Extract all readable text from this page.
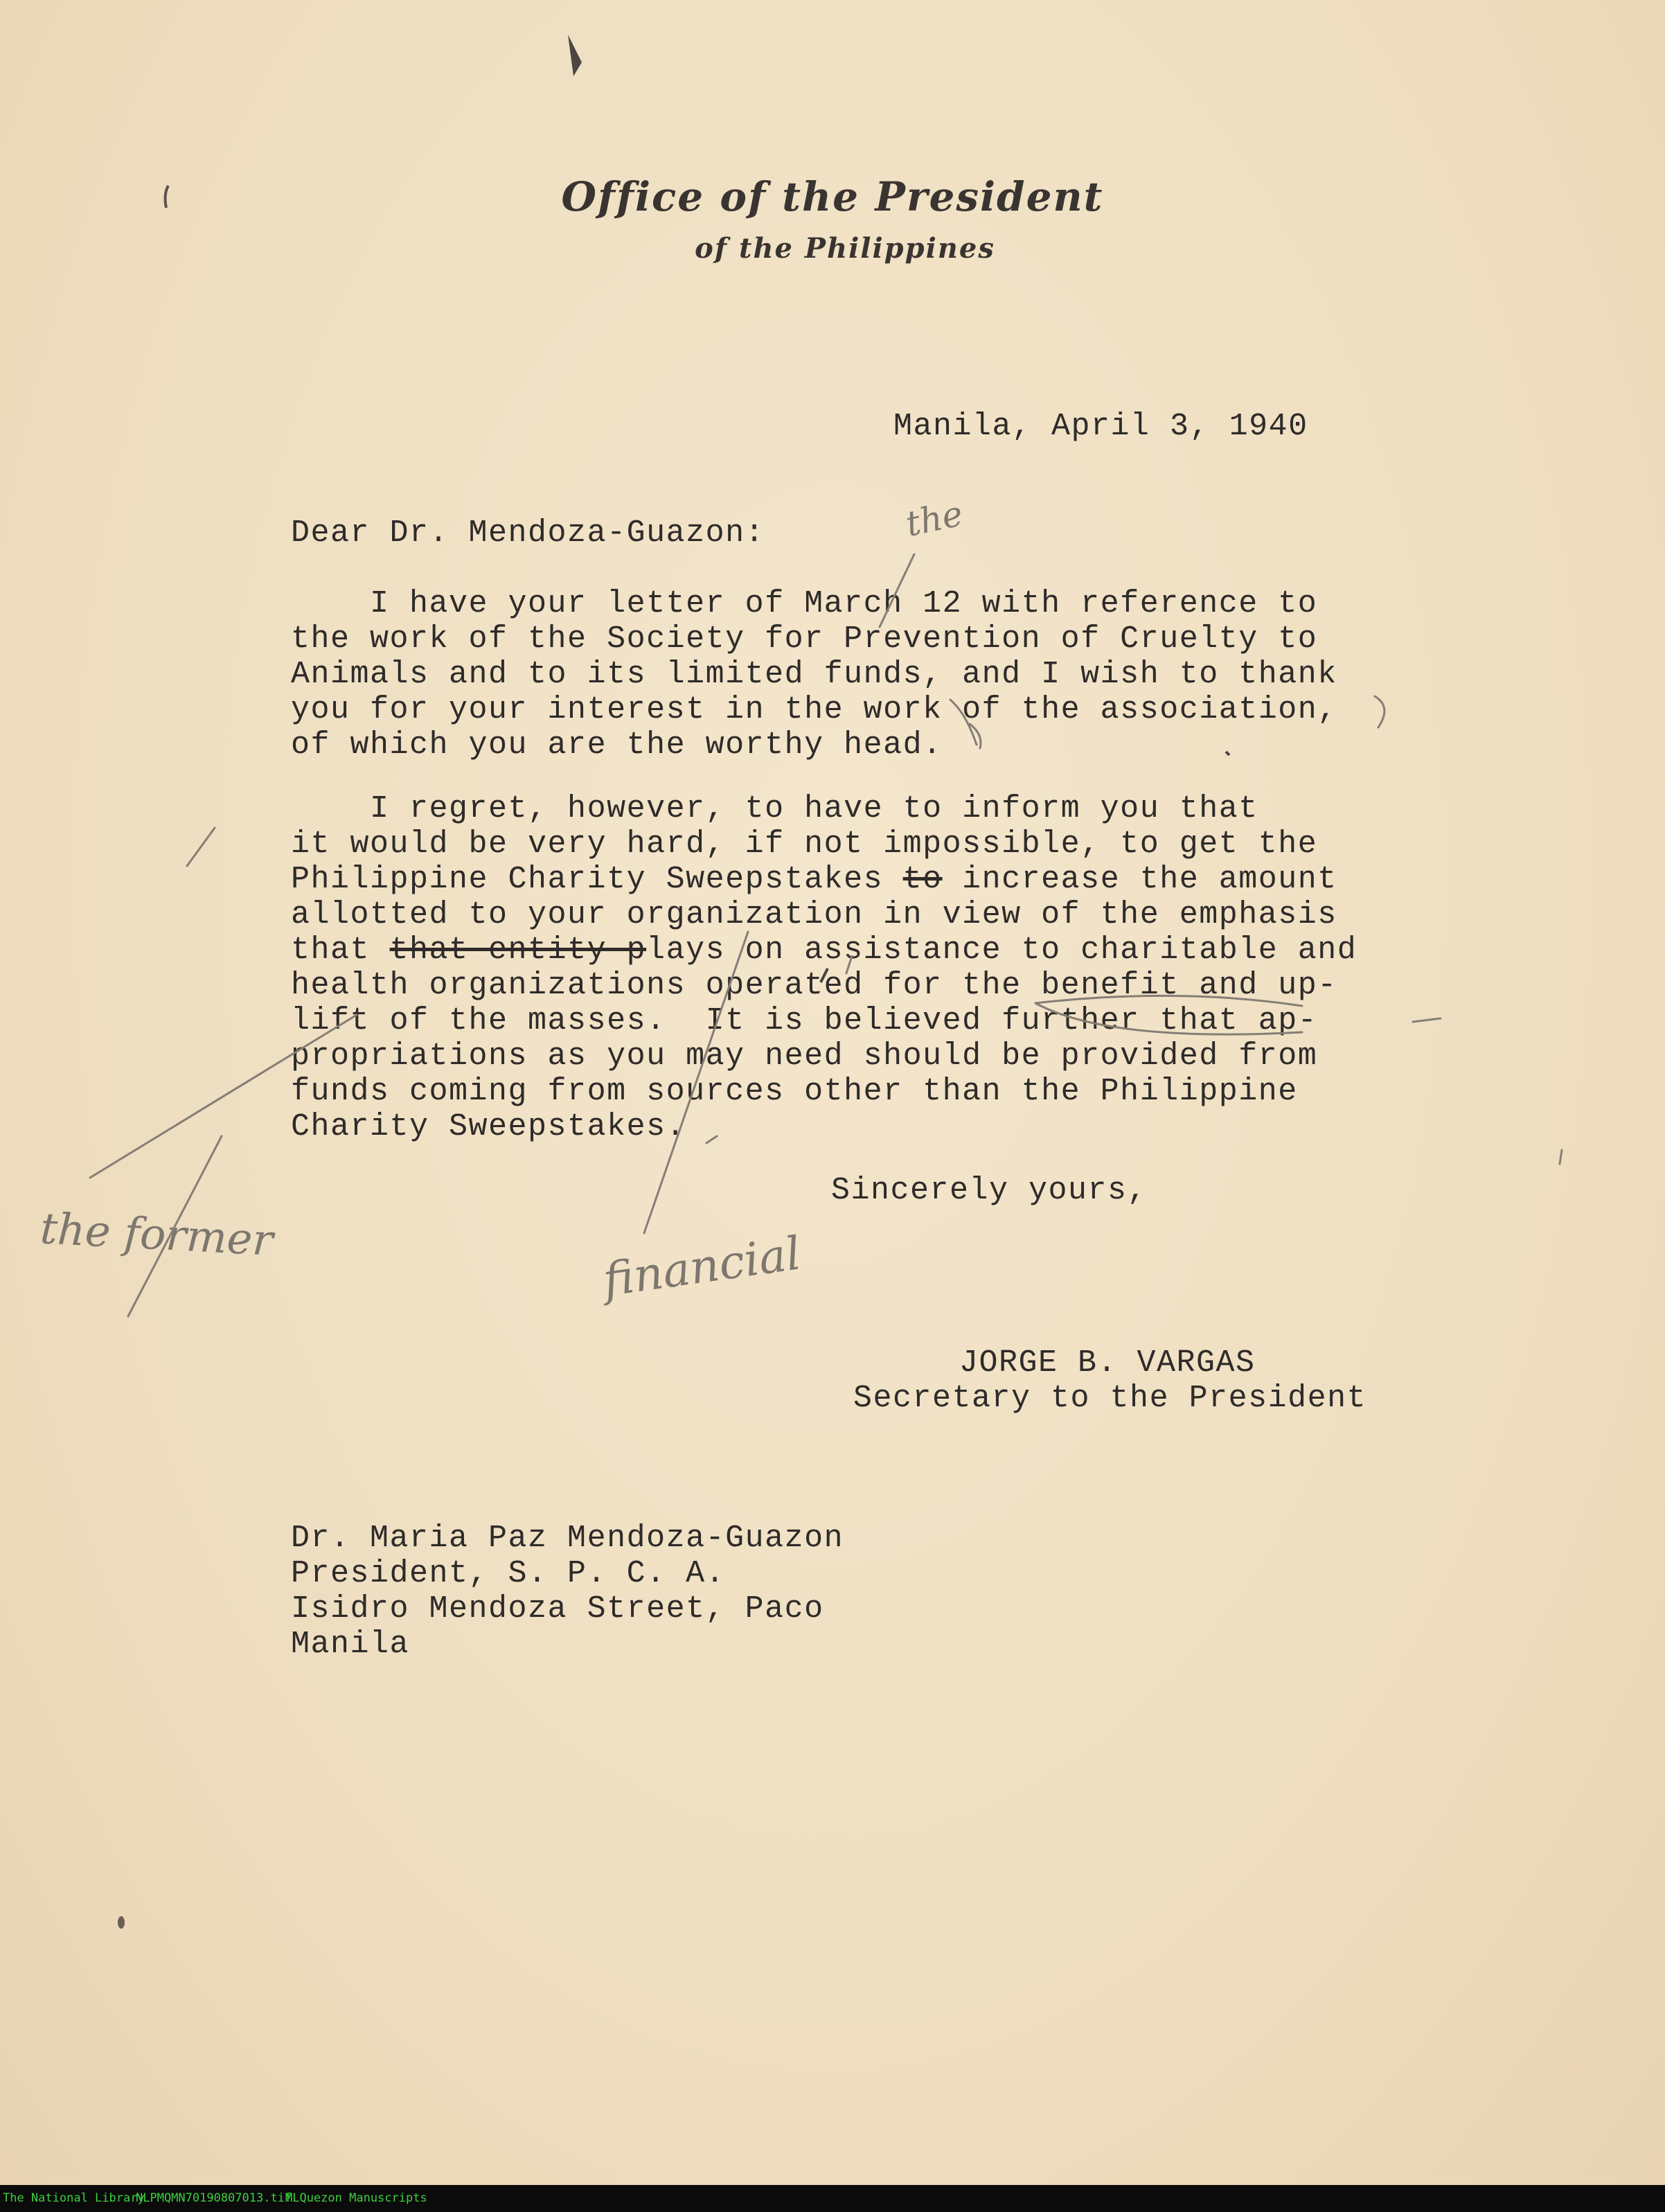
Office of the President
of the Philippines
Manila, April 3, 1940
Dear Dr. Mendoza-Guazon:
I have your letter of March 12 with reference to
the work of the Society for Prevention of Cruelty to
Animals and to its limited funds, and I wish to thank
you for your interest in the work of the association,
of which you are the worthy head.
I regret, however, to have to inform you that
it would be very hard, if not impossible, to get the
Philippine Charity Sweepstakes to increase the amount
allotted to your organization in view of the emphasis
that that entity plays on assistance to charitable and
health organizations operated for the benefit and up-
lift of the masses.  It is believed further that ap-
propriations as you may need should be provided from
funds coming from sources other than the Philippine
Charity Sweepstakes.
Sincerely yours,
JORGE B. VARGAS
Secretary to the President
Dr. Maria Paz Mendoza-Guazon
President, S. P. C. A.
Isidro Mendoza Street, Paco
Manila
the
the former	financial
The National Library
NLPMQMN70190807013.tif
MLQuezon Manuscripts
